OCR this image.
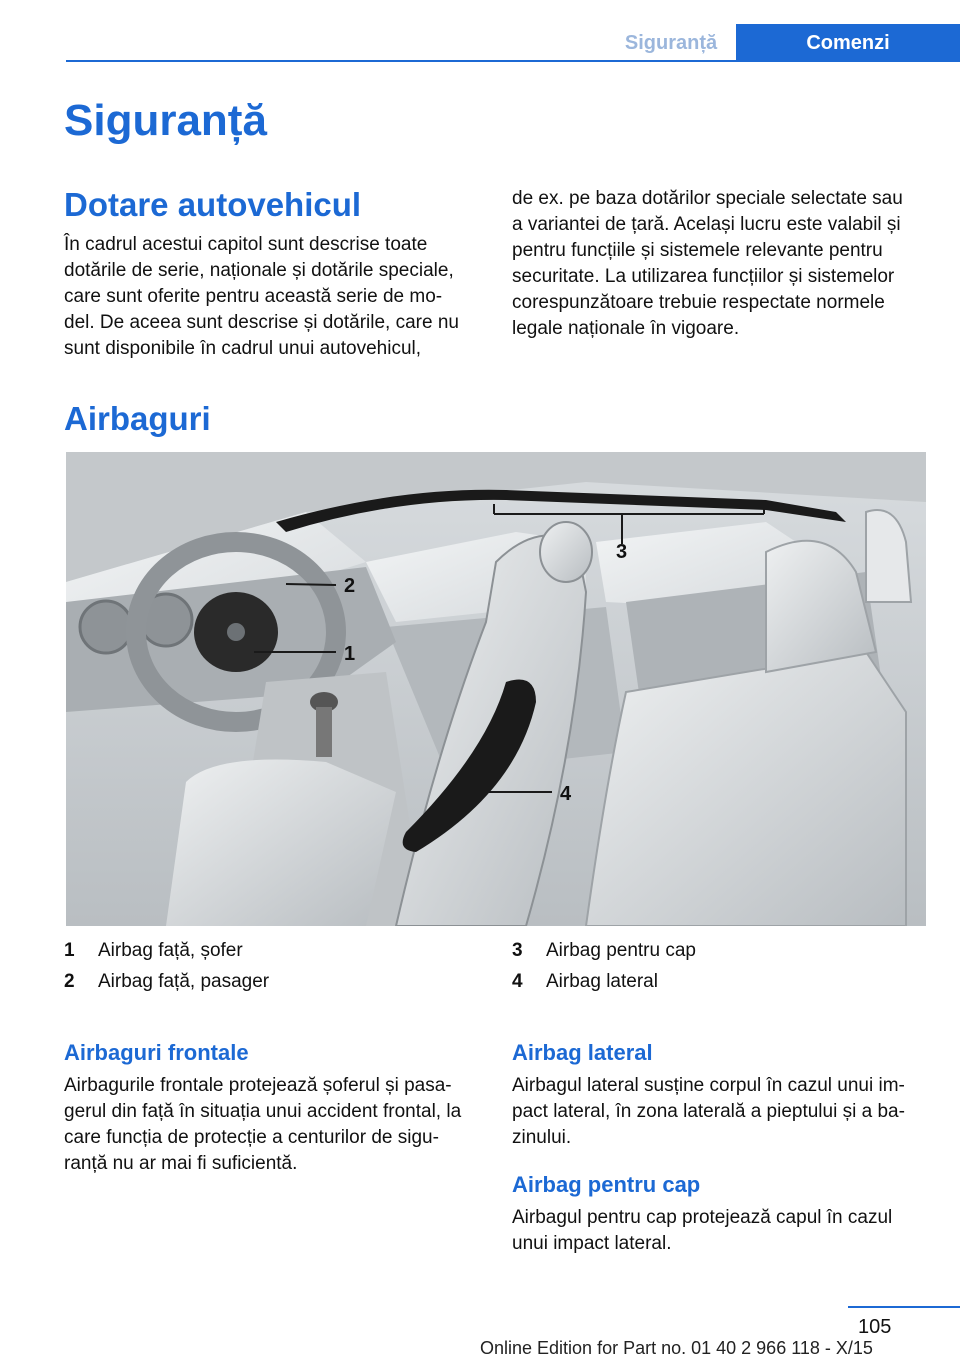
Siguranță	Comenzi
Siguranță
Dotare autovehicul
În cadrul acestui capitol sunt descrise toate
dotările de serie, naționale și dotările speciale,
care sunt oferite pentru această serie de mo-
del. De aceea sunt descrise și dotările, care nu
sunt disponibile în cadrul unui autovehicul,
de ex. pe baza dotărilor speciale selectate sau
a variantei de țară. Același lucru este valabil și
pentru funcțiile și sistemele relevante pentru
securitate. La utilizarea funcțiilor și sistemelor
corespunzătoare trebuie respectate normele
legale naționale în vigoare.
Airbaguri
1
2
3
4
1 Airbag față, șofer
2 Airbag față, pasager
3 Airbag pentru cap
4 Airbag lateral
Airbaguri frontale
Airbagurile frontale protejează șoferul și pasa-
gerul din față în situația unui accident frontal, la
care funcția de protecție a centurilor de sigu-
ranță nu ar mai fi suficientă.
Airbag lateral
Airbagul lateral susține corpul în cazul unui im-
pact lateral, în zona laterală a pieptului și a ba-
zinului.
Airbag pentru cap
Airbagul pentru cap protejează capul în cazul
unui impact lateral.
105
Online Edition for Part no. 01 40 2 966 118 - X/15
